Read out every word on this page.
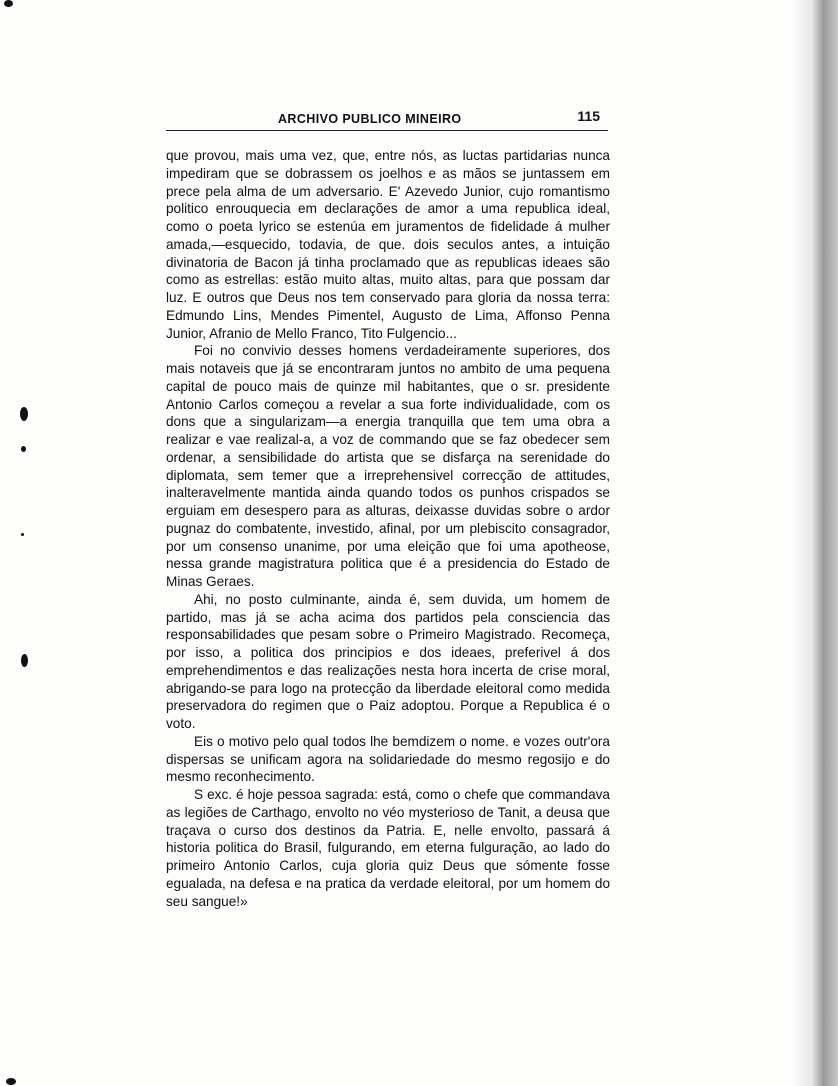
ARCHIVO PUBLICO MINEIRO	115

que provou, mais uma vez, que, entre nós, as luctas partidarias nunca impediram que se dobrassem os joelhos e as mãos se juntassem em prece pela alma de um adversario. E' Azevedo Junior, cujo romantismo politico enrouquecia em declarações de amor a uma republica ideal, como o poeta lyrico se estenúa em juramentos de fidelidade á mulher amada,—esquecido, todavia, de que. dois seculos antes, a intuição divinatoria de Bacon já tinha proclamado que as republicas ideaes são como as estrellas: estão muito altas, muito altas, para que possam dar luz. E outros que Deus nos tem conservado para gloria da nossa terra: Edmundo Lins, Mendes Pimentel, Augusto de Lima, Affonso Penna Junior, Afranio de Mello Franco, Tito Fulgencio...

Foi no convivio desses homens verdadeiramente superiores, dos mais notaveis que já se encontraram juntos no ambito de uma pequena capital de pouco mais de quinze mil habitantes, que o sr. presidente Antonio Carlos começou a revelar a sua forte individualidade, com os dons que a singularizam—a energia tranquilla que tem uma obra a realizar e vae realizal-a, a voz de commando que se faz obedecer sem ordenar, a sensibilidade do artista que se disfarça na serenidade do diplomata, sem temer que a irreprehensivel correcção de attitudes, inalteravelmente mantida ainda quando todos os punhos crispados se erguiam em desespero para as alturas, deixasse duvidas sobre o ardor pugnaz do combatente, investido, afinal, por um plebiscito consagrador, por um consenso unanime, por uma eleição que foi uma apotheose, nessa grande magistratura politica que é a presidencia do Estado de Minas Geraes.

Ahi, no posto culminante, ainda é, sem duvida, um homem de partido, mas já se acha acima dos partidos pela consciencia das responsabilidades que pesam sobre o Primeiro Magistrado. Recomeça, por isso, a politica dos principios e dos ideaes, preferivel á dos emprehendimentos e das realizações nesta hora incerta de crise moral, abrigando-se para logo na protecção da liberdade eleitoral como medida preservadora do regimen que o Paiz adoptou. Porque a Republica é o voto.

Eis o motivo pelo qual todos lhe bemdizem o nome. e vozes outr'ora dispersas se unificam agora na solidariedade do mesmo regosijo e do mesmo reconhecimento.

S exc. é hoje pessoa sagrada: está, como o chefe que commandava as legiões de Carthago, envolto no véo mysterioso de Tanit, a deusa que traçava o curso dos destinos da Patria. E, nelle envolto, passará á historia politica do Brasil, fulgurando, em eterna fulguração, ao lado do primeiro Antonio Carlos, cuja gloria quiz Deus que sómente fosse egualada, na defesa e na pratica da verdade eleitoral, por um homem do seu sangue!»
